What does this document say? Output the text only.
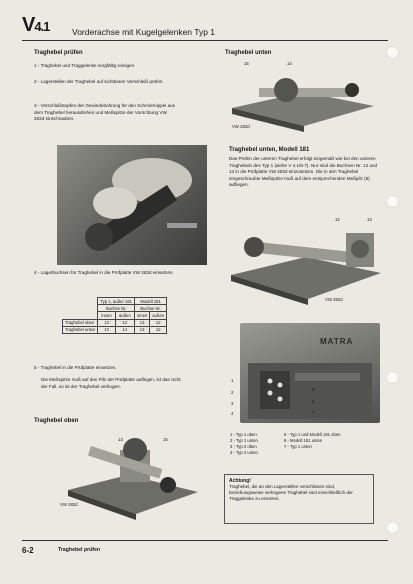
V4.1	Vorderachse mit Kugelgelenken Typ 1
Traghebel prüfen
1 - Traghebel und Traggelenke sorgfältig reinigen.
2 - Lagerstellen der Traghebel auf sichtbaren Verschleiß prüfen.
3 - Verschlußstopfen der Gewindebohrung für den Schmiernippel aus dem Traghebel herausdrehen und Meßspitze der Vorrichtung VW 282d einschrauben.
4 - Lagerbuchsen für Traghebel in die Prüfplatte VW 282d einsetzen.
	Typ 1, außer 181		Modell 181	
	Buchse Nr.		Buchse Nr.	
	innen	außen	innen	außen
Traghebel oben	13	12	13	12
Traghebel unten	13	14	13	12
5 - Traghebel in die Prüfplatte einsetzen.
Die Meßspitze muß auf den Pilz der Prüfplatte auflegen, ist das nicht der Fall, so ist der Traghebel verbogen.
Traghebel oben
13	15
VW 282d
Traghebel unten
15	14
VW 282d
Traghebel unten, Modell 181
Das Prüfen der unteren Traghebel erfolgt eingemäß wie bei den unteren Traghebeln des Typ 1 (siehe V 4.1/6-7). Nur sind die Buchsen Nr. 12 und 13 in die Prüfplatte VW 282d einzusetzen. Die in den Traghebel eingeschraubte Meßspitze muß auf dem entsprechenden Meßpilz (8) aufliegen.
12	13
VW 282d
MATRA
1
2
3
4
5
6
7
1 - Typ 1 oben
2 - Typ 1 unten
3 - Typ 2 oben
4 - Typ 2 unten
5 - Typ 1 und Modell 181 oben
6 - Modell 181 unten
7 - Typ 1 unten
Achtung!
Traghebel, die an den Lagerstellen verschlissen sind, beziehungsweise verbogene Traghebel sind einschließlich der Traggelenke zu ersetzen.
6-2	Traghebel prüfen
